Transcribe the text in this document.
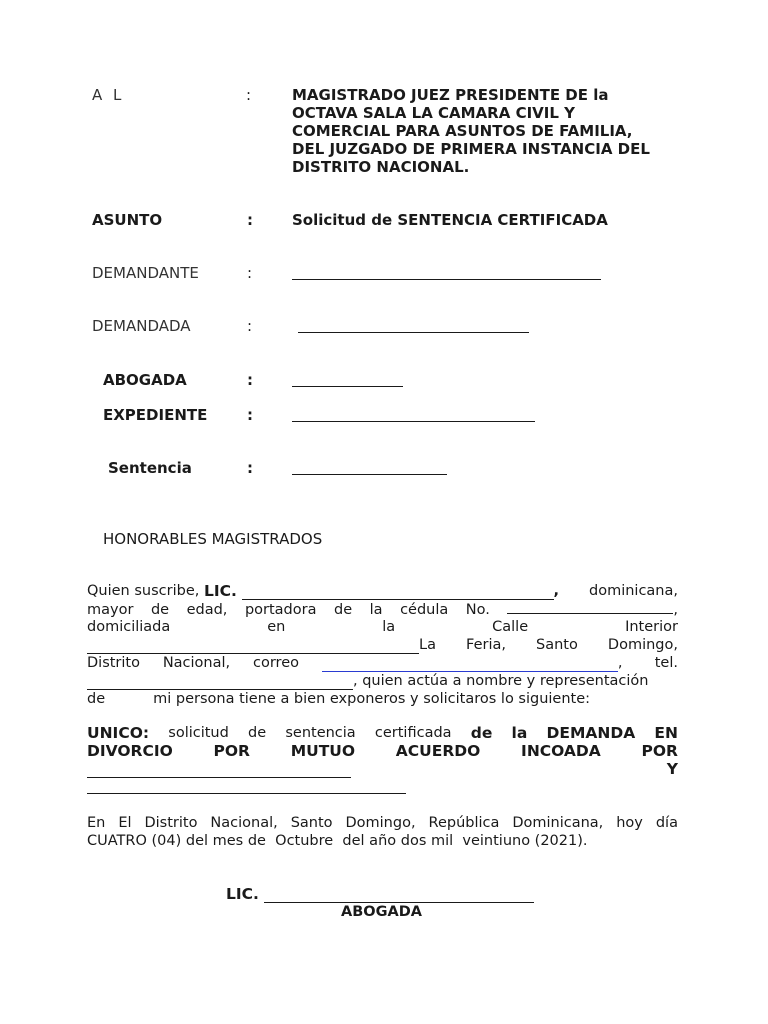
A L	:	MAGISTRADO JUEZ PRESIDENTE DE la
OCTAVA SALA LA CAMARA CIVIL Y
COMERCIAL PARA ASUNTOS DE FAMILIA,
DEL JUZGADO DE PRIMERA INSTANCIA DEL
DISTRITO NACIONAL.
ASUNTO	:	Solicitud de SENTENCIA CERTIFICADA
DEMANDANTE	:
DEMANDADA	:
ABOGADA	:
EXPEDIENTE	:
Sentencia	:
HONORABLES MAGISTRADOS
Quien suscribe,
LIC.
	, dominicana,
mayor de edad, portadora de la cédula No.	,
domiciliada	en	la	Calle	Interior
La Feria, Santo Domingo,
Distrito Nacional, correo	,       tel.
, quien actúa a nombre y representación
de	mi persona tiene a bien exponeros y solicitaros lo siguiente:
UNICO: solicitud de sentencia certificada de la DEMANDA EN
DIVORCIO	POR	MUTUO	ACUERDO	INCOADA	POR
Y
En El Distrito Nacional, Santo Domingo, República Dominicana, hoy día
CUATRO (04) del mes de  Octubre  del año dos mil  veintiuno (2021).
LIC.

ABOGADA
